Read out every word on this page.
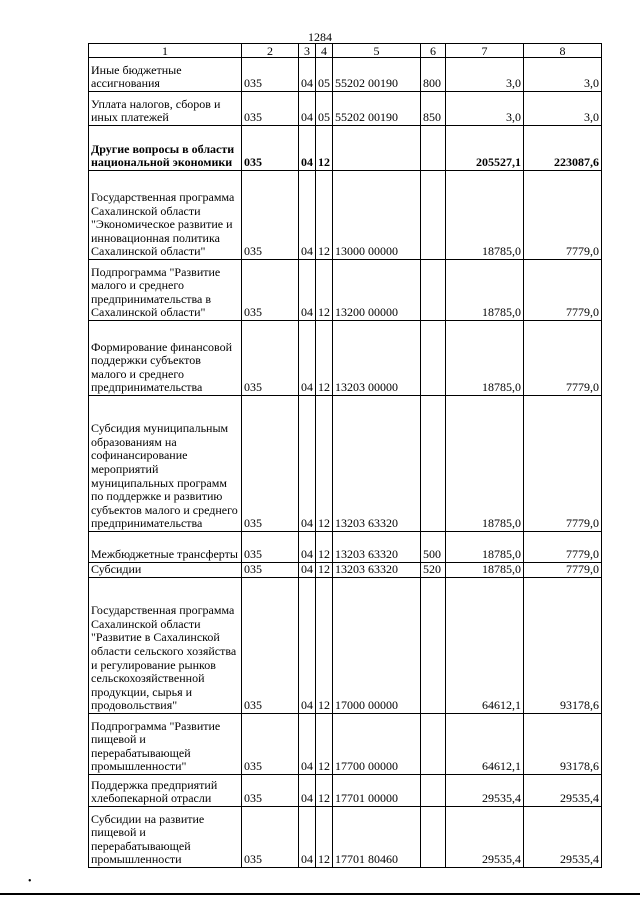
1284
1	2	3	4	5	6	7	8
Иные бюджетные ассигнования	035	04	05	55202 00190	800	3,0	3,0
Уплата налогов, сборов и иных платежей	035	04	05	55202 00190	850	3,0	3,0
Другие вопросы в области национальной экономики	035	04	12			205527,1	223087,6
Государственная программа Сахалинской области "Экономическое развитие и инновационная политика Сахалинской области"	035	04	12	13000 00000		18785,0	7779,0
Подпрограмма "Развитие малого и среднего предпринимательства в Сахалинской области"	035	04	12	13200 00000		18785,0	7779,0
Формирование финансовой поддержки субъектов малого и среднего предпринимательства	035	04	12	13203 00000		18785,0	7779,0
Субсидия муниципальным образованиям на софинансирование мероприятий муниципальных программ по поддержке и развитию субъектов малого и среднего предпринимательства	035	04	12	13203 63320		18785,0	7779,0
Межбюджетные трансферты	035	04	12	13203 63320	500	18785,0	7779,0
Субсидии	035	04	12	13203 63320	520	18785,0	7779,0
Государственная программа Сахалинской области "Развитие в Сахалинской области сельского хозяйства и регулирование рынков сельскохозяйственной продукции, сырья и продовольствия"	035	04	12	17000 00000		64612,1	93178,6
Подпрограмма "Развитие пищевой и перерабатывающей промышленности"	035	04	12	17700 00000		64612,1	93178,6
Поддержка предприятий хлебопекарной отрасли	035	04	12	17701 00000		29535,4	29535,4
Субсидии на развитие пищевой и перерабатывающей промышленности	035	04	12	17701 80460		29535,4	29535,4
•
